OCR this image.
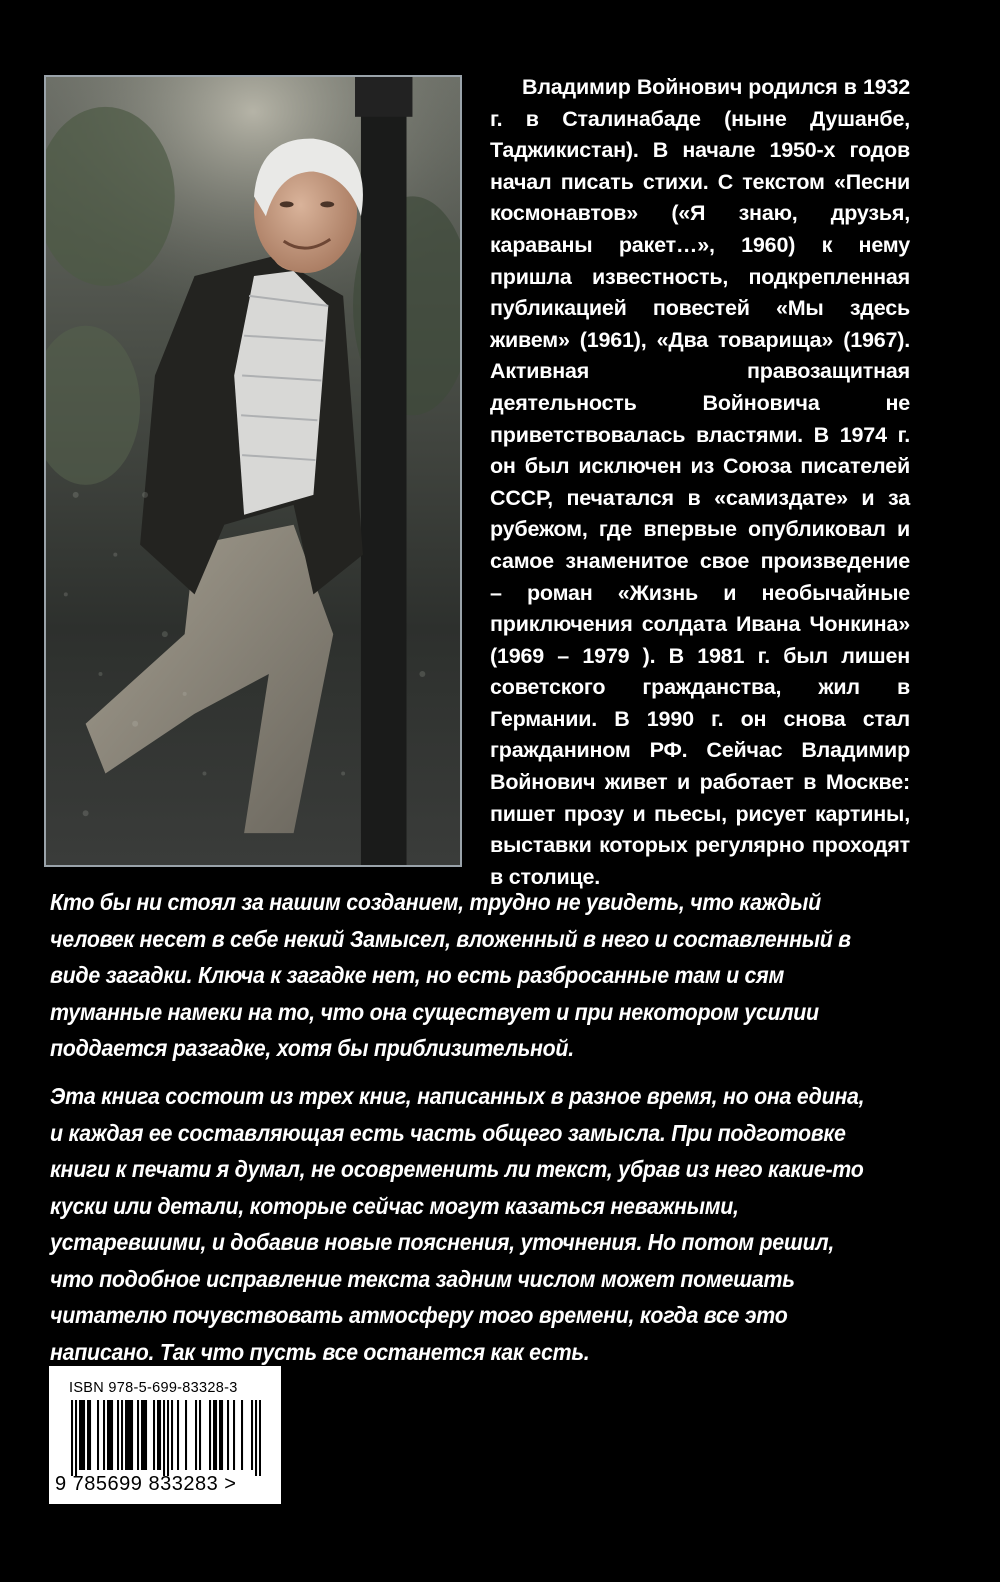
Владимир Войнович родился в 1932 г. в Сталинабаде (ныне Душанбе, Таджикистан). В начале 1950-х годов начал писать стихи. С текстом «Песни космонавтов» («Я знаю, друзья, караваны ракет…», 1960) к нему пришла известность, подкрепленная публикацией повестей «Мы здесь живем» (1961), «Два товарища» (1967). Активная правозащитная деятельность Войновича не приветствовалась властями. В 1974 г. он был исключен из Союза писателей СССР, печатался в «самиздате» и за рубежом, где впервые опубликовал и самое знаменитое свое произведение – роман «Жизнь и необычайные приключения солдата Ивана Чонкина» (1969 – 1979 ). В 1981 г. был лишен советского гражданства, жил в Германии. В 1990 г. он снова стал гражданином РФ. Сейчас Владимир Войнович живет и работает в Москве: пишет прозу и пьесы, рисует картины, выставки которых регулярно проходят в столице.

Кто бы ни стоял за нашим созданием, трудно не увидеть, что каждый человек несет в себе некий Замысел, вложенный в него и составленный в виде загадки. Ключа к загадке нет, но есть разбросанные там и сям туманные намеки на то, что она существует и при некотором усилии поддается разгадке, хотя бы приблизительной.

Эта книга состоит из трех книг, написанных в разное время, но она едина, и каждая ее составляющая есть часть общего замысла. При подготовке книги к печати я думал, не осовременить ли текст, убрав из него какие-то куски или детали, которые сейчас могут казаться неважными, устаревшими, и добавив новые пояснения, уточнения. Но потом решил, что подобное исправление текста задним числом может помешать читателю почувствовать атмосферу того времени, когда все это написано. Так что пусть все останется как есть.

ISBN 978-5-699-83328-3
9 785699 833283 >
